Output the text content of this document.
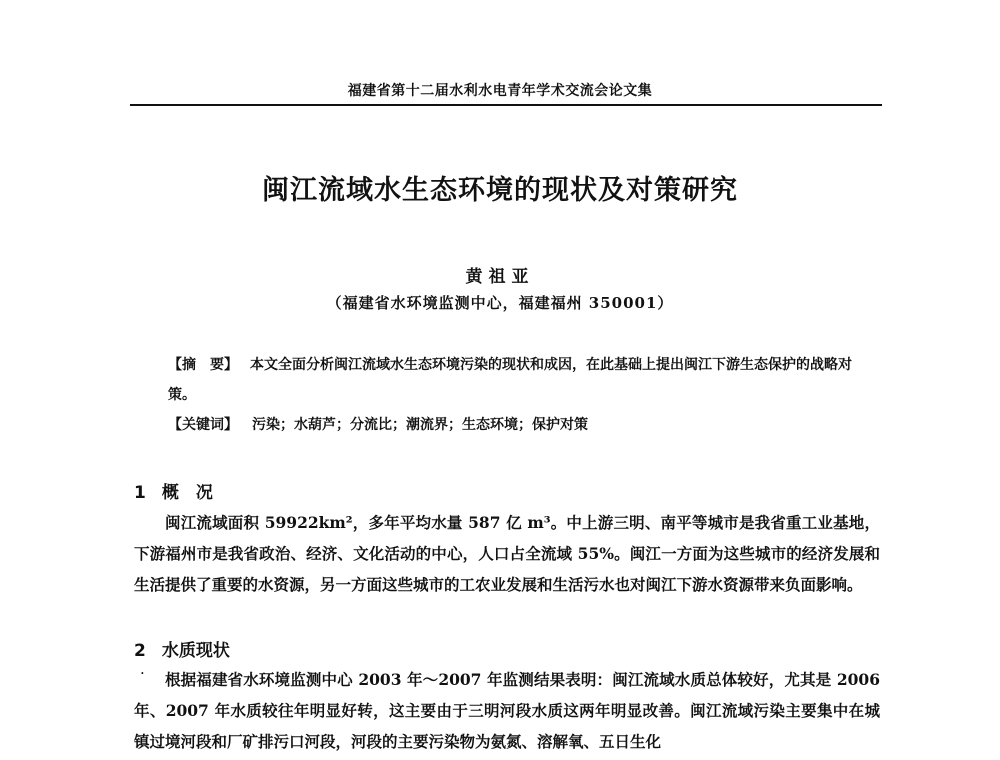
福建省第十二届水利水电青年学术交流会论文集
闽江流域水生态环境的现状及对策研究
黄祖亚
（福建省水环境监测中心，福建福州 350001）
【摘　要】 本文全面分析闽江流域水生态环境污染的现状和成因，在此基础上提出闽江下游生态保护的战略对策。
【关键词】 污染；水葫芦；分流比；潮流界；生态环境；保护对策
1 概　况
闽江流域面积 59922km²，多年平均水量 587 亿 m³。中上游三明、南平等城市是我省重工业基地，下游福州市是我省政治、经济、文化活动的中心，人口占全流域 55%。闽江一方面为这些城市的经济发展和生活提供了重要的水资源，另一方面这些城市的工农业发展和生活污水也对闽江下游水资源带来负面影响。
2 水质现状
·	根据福建省水环境监测中心 2003 年～2007 年监测结果表明：闽江流域水质总体较好，尤其是 2006 年、2007 年水质较往年明显好转，这主要由于三明河段水质这两年明显改善。闽江流域污染主要集中在城镇过境河段和厂矿排污口河段，河段的主要污染物为氨氮、溶解氧、五日生化
